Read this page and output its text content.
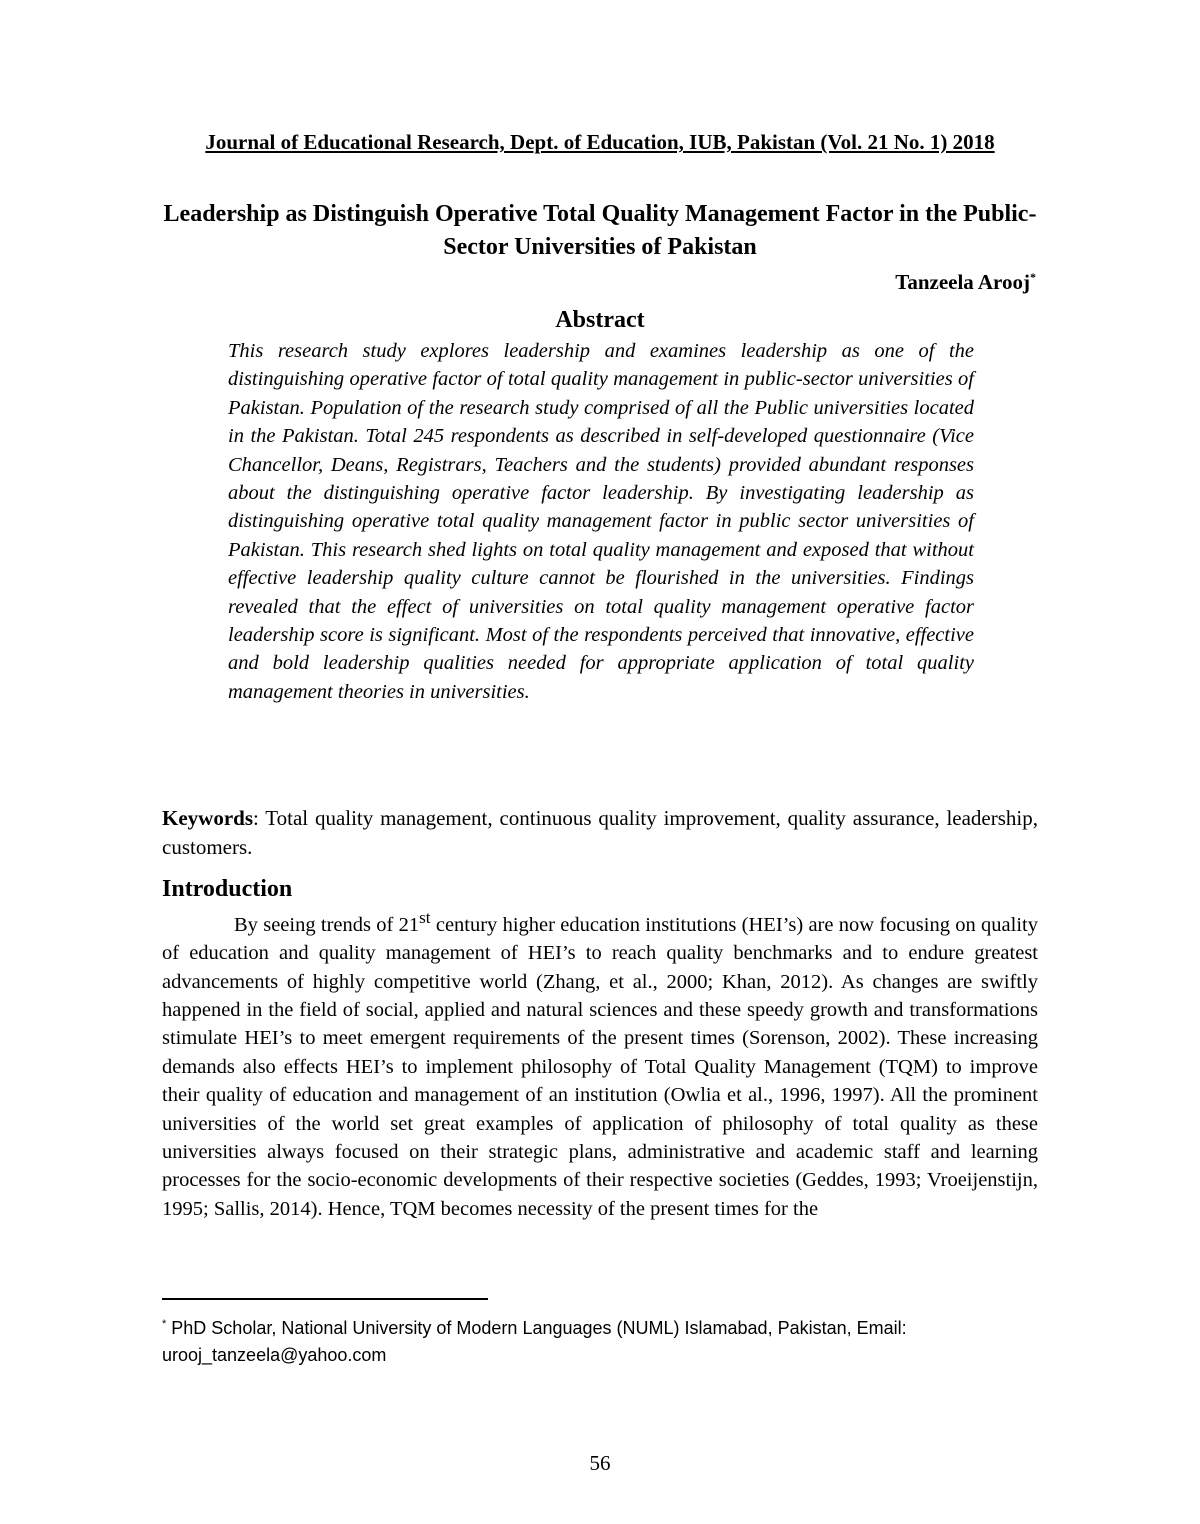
Journal of Educational Research, Dept. of Education, IUB, Pakistan (Vol. 21 No. 1) 2018
Leadership as Distinguish Operative Total Quality Management Factor in the Public-Sector Universities of Pakistan
Tanzeela Arooj*
Abstract

This research study explores leadership and examines leadership as one of the distinguishing operative factor of total quality management in public-sector universities of Pakistan. Population of the research study comprised of all the Public universities located in the Pakistan. Total 245 respondents as described in self-developed questionnaire (Vice Chancellor, Deans, Registrars, Teachers and the students) provided abundant responses about the distinguishing operative factor leadership. By investigating leadership as distinguishing operative total quality management factor in public sector universities of Pakistan. This research shed lights on total quality management and exposed that without effective leadership quality culture cannot be flourished in the universities. Findings revealed that the effect of universities on total quality management operative factor leadership score is significant. Most of the respondents perceived that innovative, effective and bold leadership qualities needed for appropriate application of total quality management theories in universities.

Keywords: Total quality management, continuous quality improvement, quality assurance, leadership, customers.

Introduction

By seeing trends of 21st century higher education institutions (HEI’s) are now focusing on quality of education and quality management of HEI’s to reach quality benchmarks and to endure greatest advancements of highly competitive world (Zhang, et al., 2000; Khan, 2012). As changes are swiftly happened in the field of social, applied and natural sciences and these speedy growth and transformations stimulate HEI’s to meet emergent requirements of the present times (Sorenson, 2002). These increasing demands also effects HEI’s to implement philosophy of Total Quality Management (TQM) to improve their quality of education and management of an institution (Owlia et al., 1996, 1997). All the prominent universities of the world set great examples of application of philosophy of total quality as these universities always focused on their strategic plans, administrative and academic staff and learning processes for the socio-economic developments of their respective societies (Geddes, 1993; Vroeijenstijn, 1995; Sallis, 2014). Hence, TQM becomes necessity of the present times for the

* PhD Scholar, National University of Modern Languages (NUML) Islamabad, Pakistan, Email: urooj_tanzeela@yahoo.com

56
